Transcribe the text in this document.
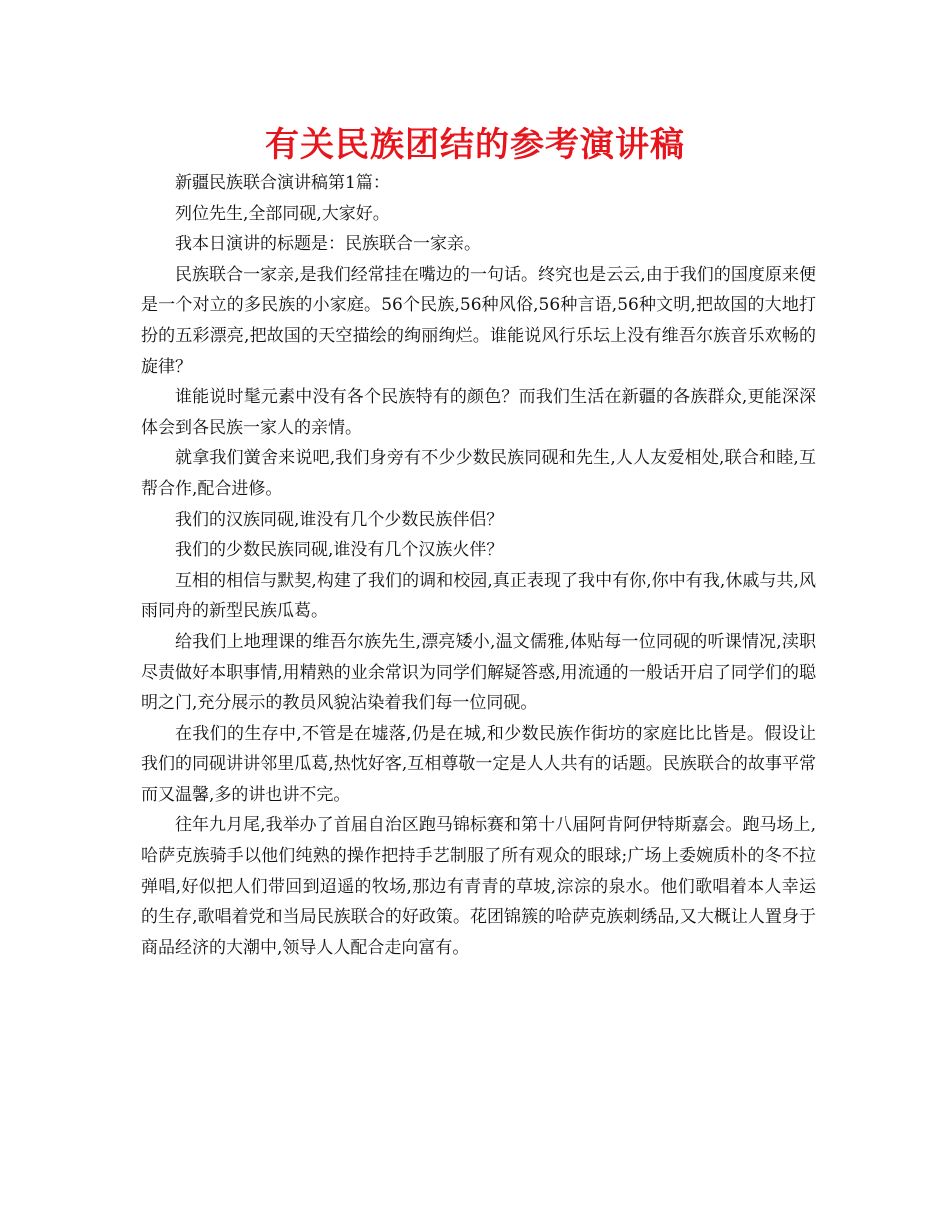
有关民族团结的参考演讲稿

新疆民族联合演讲稿第1篇：

列位先生,全部同砚,大家好。

我本日演讲的标题是：民族联合一家亲。

民族联合一家亲,是我们经常挂在嘴边的一句话。终究也是云云,由于我们的国度原来便是一个对立的多民族的小家庭。56个民族,56种风俗,56种言语,56种文明,把故国的大地打扮的五彩漂亮,把故国的天空描绘的绚丽绚烂。谁能说风行乐坛上没有维吾尔族音乐欢畅的旋律？

谁能说时髦元素中没有各个民族特有的颜色？而我们生活在新疆的各族群众,更能深深体会到各民族一家人的亲情。

就拿我们黉舍来说吧,我们身旁有不少少数民族同砚和先生,人人友爱相处,联合和睦,互帮合作,配合进修。

我们的汉族同砚,谁没有几个少数民族伴侣？

我们的少数民族同砚,谁没有几个汉族火伴？

互相的相信与默契,构建了我们的调和校园,真正表现了我中有你,你中有我,休戚与共,风雨同舟的新型民族瓜葛。

给我们上地理课的维吾尔族先生,漂亮矮小,温文儒雅,体贴每一位同砚的听课情况,渎职尽责做好本职事情,用精熟的业余常识为同学们解疑答惑,用流通的一般话开启了同学们的聪明之门,充分展示的教员风貌沾染着我们每一位同砚。

在我们的生存中,不管是在墟落,仍是在城,和少数民族作街坊的家庭比比皆是。假设让我们的同砚讲讲邻里瓜葛,热忱好客,互相尊敬一定是人人共有的话题。民族联合的故事平常而又温馨,多的讲也讲不完。

往年九月尾,我举办了首届自治区跑马锦标赛和第十八届阿肯阿伊特斯嘉会。跑马场上,哈萨克族骑手以他们纯熟的操作把持手艺制服了所有观众的眼球;广场上委婉质朴的冬不拉弹唱,好似把人们带回到迢遥的牧场,那边有青青的草坡,淙淙的泉水。他们歌唱着本人幸运的生存,歌唱着党和当局民族联合的好政策。花团锦簇的哈萨克族刺绣品,又大概让人置身于商品经济的大潮中,领导人人配合走向富有。
